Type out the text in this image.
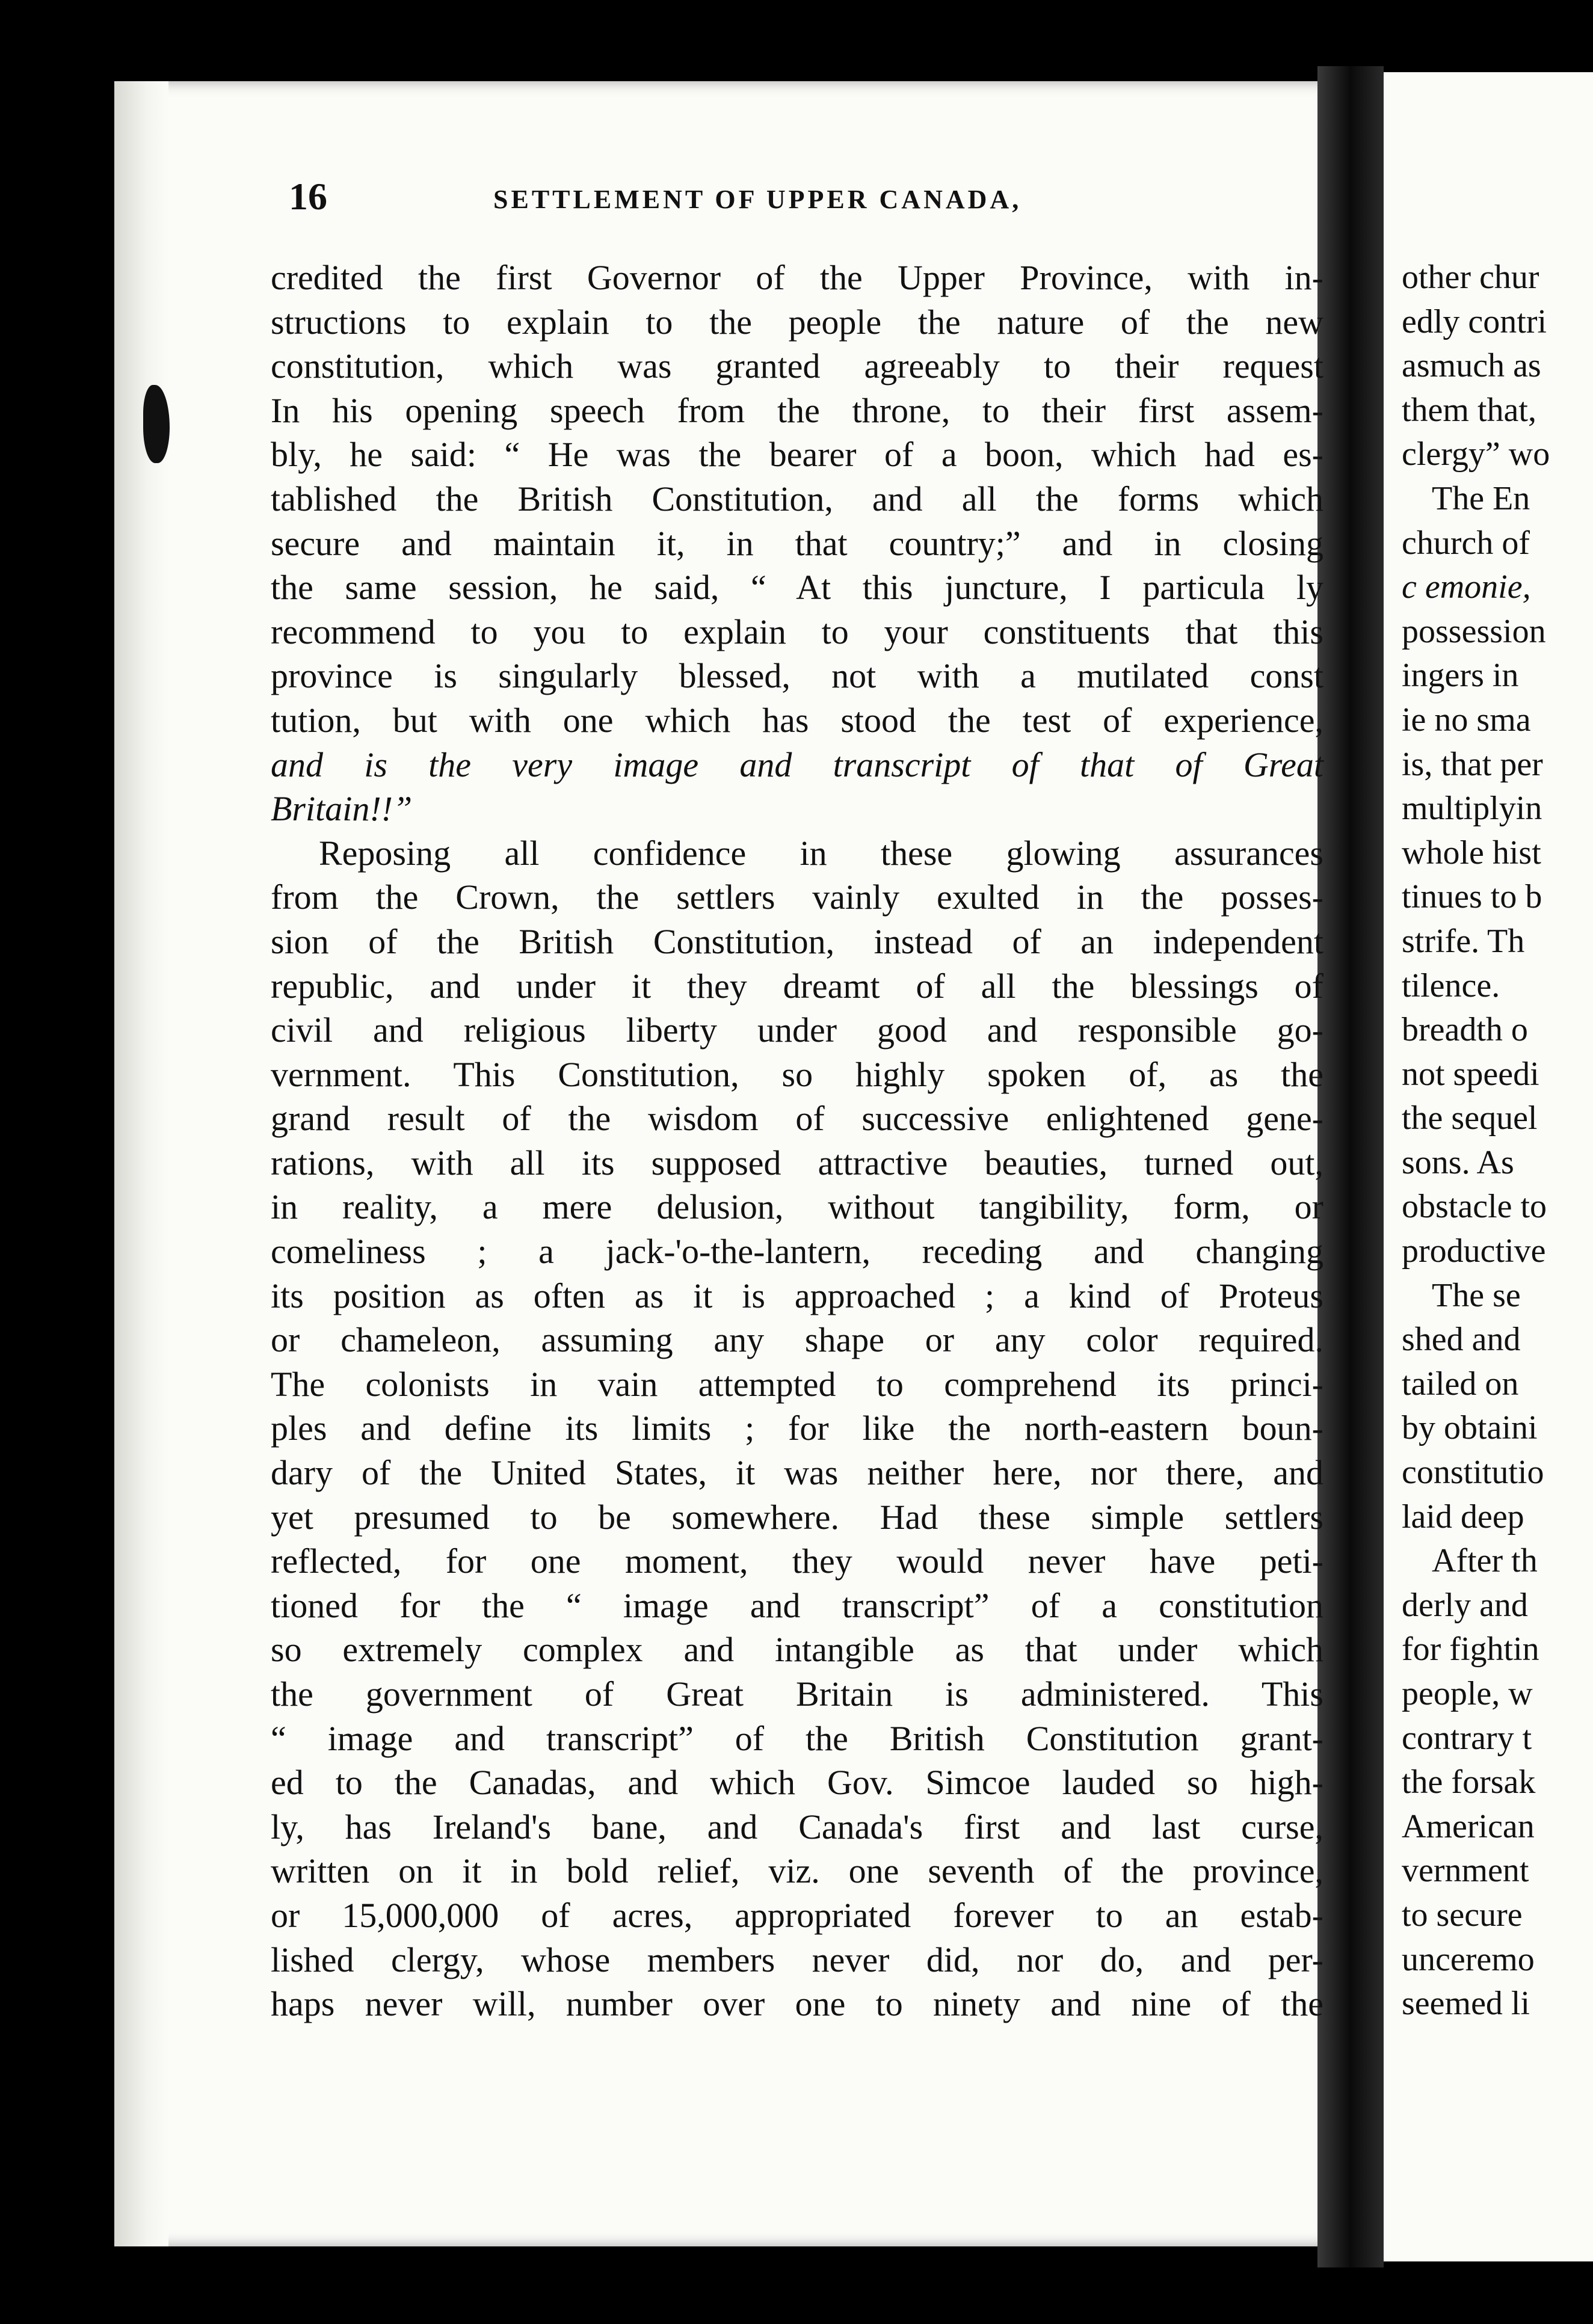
other chur
edly contri
asmuch as
them that,
clergy” wo
The En
church of
c emonie,
possession
ingers in
ie no sma
is, that per
multiplyin
whole hist
tinues to b
strife. Th
tilence.
breadth o
not speedi
the sequel
sons. As
obstacle to
productive
The se
shed and
tailed on
by obtaini
constitutio
laid deep
After th
derly and
for fightin
people, w
contrary t
the forsak
American
vernment
to secure
unceremo
seemed li
16	SETTLEMENT OF UPPER CANADA,
credited the first Governor of the Upper Province, with in-
structions to explain to the people the nature of the new
constitution, which was granted agreeably to their request
In his opening speech from the throne, to their first assem-
bly, he said: “ He was the bearer of a boon, which had es-
tablished the British Constitution, and all the forms which
secure and maintain it, in that country;” and in closing
the same session, he said, “ At this juncture, I particula ly
recommend to you to explain to your constituents that this
province is singularly blessed, not with a mutilated const
tution, but with one which has stood the test of experience,
and is the very image and transcript of that of Great
Britain!!”
Reposing all confidence in these glowing assurances
from the Crown, the settlers vainly exulted in the posses-
sion of the British Constitution, instead of an independent
republic, and under it they dreamt of all the blessings of
civil and religious liberty under good and responsible go-
vernment. This Constitution, so highly spoken of, as the
grand result of the wisdom of successive enlightened gene-
rations, with all its supposed attractive beauties, turned out,
in reality, a mere delusion, without tangibility, form, or
comeliness ; a jack-'o-the-lantern, receding and changing
its position as often as it is approached ; a kind of Proteus
or chameleon, assuming any shape or any color required.
The colonists in vain attempted to comprehend its princi-
ples and define its limits ; for like the north-eastern boun-
dary of the United States, it was neither here, nor there, and
yet presumed to be somewhere. Had these simple settlers
reflected, for one moment, they would never have peti-
tioned for the “ image and transcript” of a constitution
so extremely complex and intangible as that under which
the government of Great Britain is administered. This
“ image and transcript” of the British Constitution grant-
ed to the Canadas, and which Gov. Simcoe lauded so high-
ly, has Ireland's bane, and Canada's first and last curse,
written on it in bold relief, viz. one seventh of the province,
or 15,000,000 of acres, appropriated forever to an estab-
lished clergy, whose members never did, nor do, and per-
haps never will, number over one to ninety and nine of the
